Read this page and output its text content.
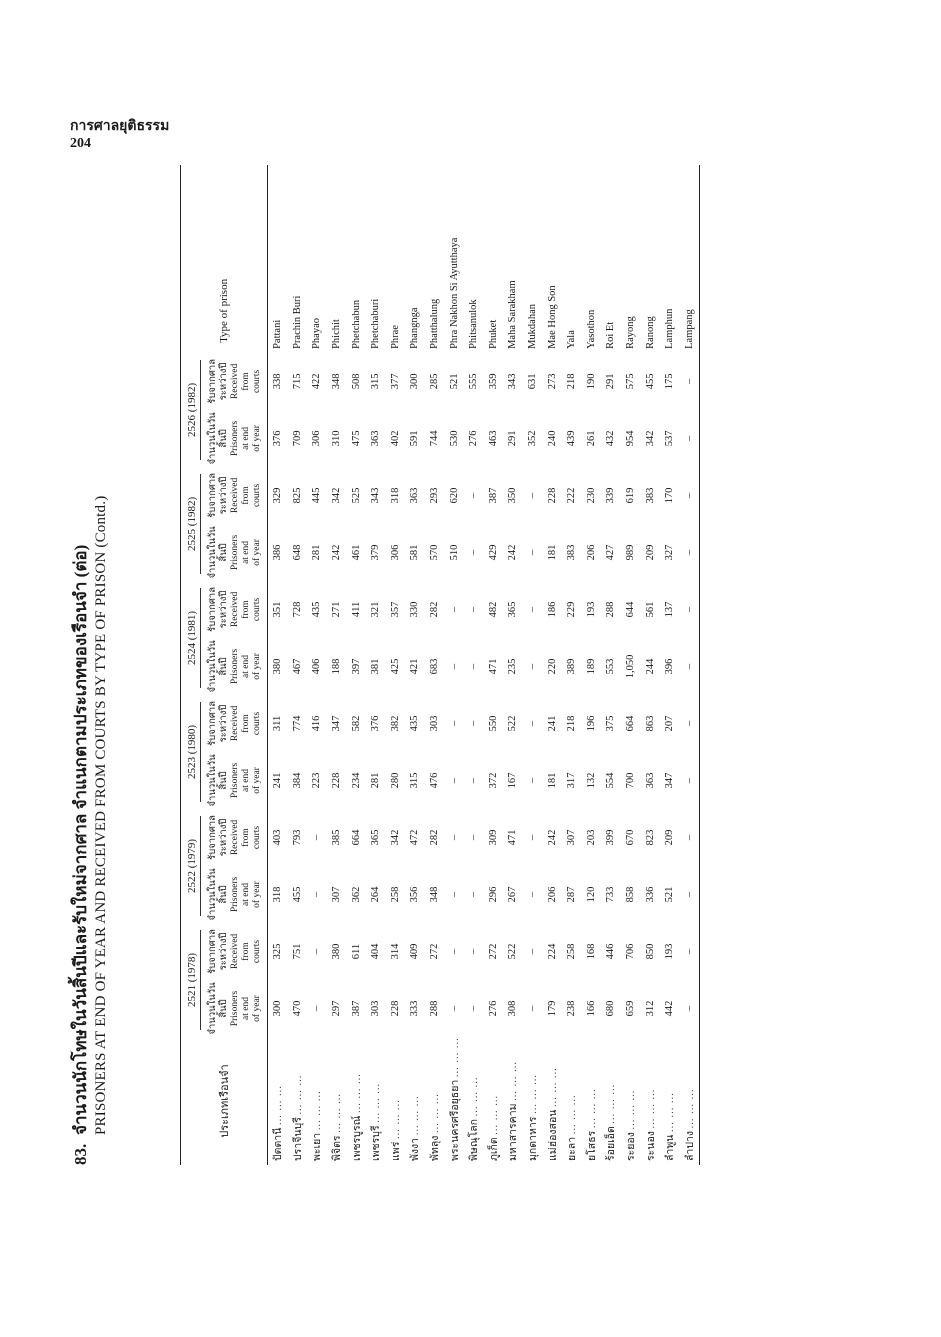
การศาลยุติธรรม
204
83.จำนวนนักโทษในวันสิ้นปีและรับใหม่จากศาล จำแนกตามประเภทของเรือนจำ (ต่อ) PRISONERS AT END OF YEAR AND RECEIVED FROM COURTS BY TYPE OF PRISON (Contd.)	ประเภทเรือนจำ	2521 (1978)		2522 (1979)		2523 (1980)		2524 (1981)		2525 (1982)		2526 (1982)		Type of prison

	จำนวนในวันสิ้นปี Prisoners at end of year	รับจากศาลระหว่างปี Received from courts	จำนวนในวันสิ้นปี Prisoners at end of year	รับจากศาลระหว่างปี Received from courts	จำนวนในวันสิ้นปี Prisoners at end of year	รับจากศาลระหว่างปี Received from courts	จำนวนในวันสิ้นปี Prisoners at end of year	รับจากศาลระหว่างปี Received from courts	จำนวนในวันสิ้นปี Prisoners at end of year	รับจากศาลระหว่างปี Received from courts	จำนวนในวันสิ้นปี Prisoners at end of year	รับจากศาลระหว่างปี Received from courts	

ปัตตานี ... ... ...	300	325	318	403	241	311	380	351	386	329	376	338	Pattani
ปราจีนบุรี ... ... ...	470	751	455	793	384	774	467	728	648	825	709	715	Prachin Buri
พะเยา ... ... ...	–	–	–	–	223	416	406	435	281	445	306	422	Phayao
พิจิตร ... ... ...	297	380	307	385	228	347	188	271	242	342	310	348	Phichit
เพชรบูรณ์ ... ... ...	387	611	362	664	234	582	397	411	461	525	475	508	Phetchabun
เพชรบุรี ... ... ...	303	404	264	365	281	376	381	321	379	343	363	315	Phetchaburi
แพร่ ... ... ...	228	314	258	342	280	382	425	357	306	318	402	377	Phrae
พังงา ... ... ...	333	409	356	472	315	435	421	330	581	363	591	300	Phangnga
พัทลุง ... ... ...	288	272	348	282	476	303	683	282	570	293	744	285	Phatthalung
พระนครศรีอยุธยา ... ... ...	–	–	–	–	–	–	–	–	510	620	530	521	Phra Nakhon Si Ayutthaya
พิษณุโลก ... ... ...	–	–	–	–	–	–	–	–	–	–	276	555	Phitsanulok
ภูเก็ต ... ... ...	276	272	296	309	372	550	471	482	429	387	463	359	Phuket
มหาสารคาม ... ... ...	308	522	267	471	167	522	235	365	242	350	291	343	Maha Sarakham
มุกดาหาร ... ... ...	–	–	–	–	–	–	–	–	–	–	352	631	Mukdahan
แม่ฮ่องสอน ... ... ...	179	224	206	242	181	241	220	186	181	228	240	273	Mae Hong Son
ยะลา ... ... ...	238	258	287	307	317	218	389	229	383	222	439	218	Yala
ยโสธร ... ... ...	166	168	120	203	132	196	189	193	206	230	261	190	Yasothon
ร้อยเอ็ด ... ... ...	680	446	733	399	554	375	553	288	427	339	432	291	Roi Et
ระยอง ... ... ...	659	706	858	670	700	664	1,050	644	989	619	954	575	Rayong
ระนอง ... ... ...	312	850	336	823	363	863	244	561	209	383	342	455	Ranong
ลำพูน ... ... ...	442	193	521	209	347	207	396	137	327	170	537	175	Lamphun
ลำปาง ... ... ...	–	–	–	–	–	–	–	–	–	–	–	–	Lampang
